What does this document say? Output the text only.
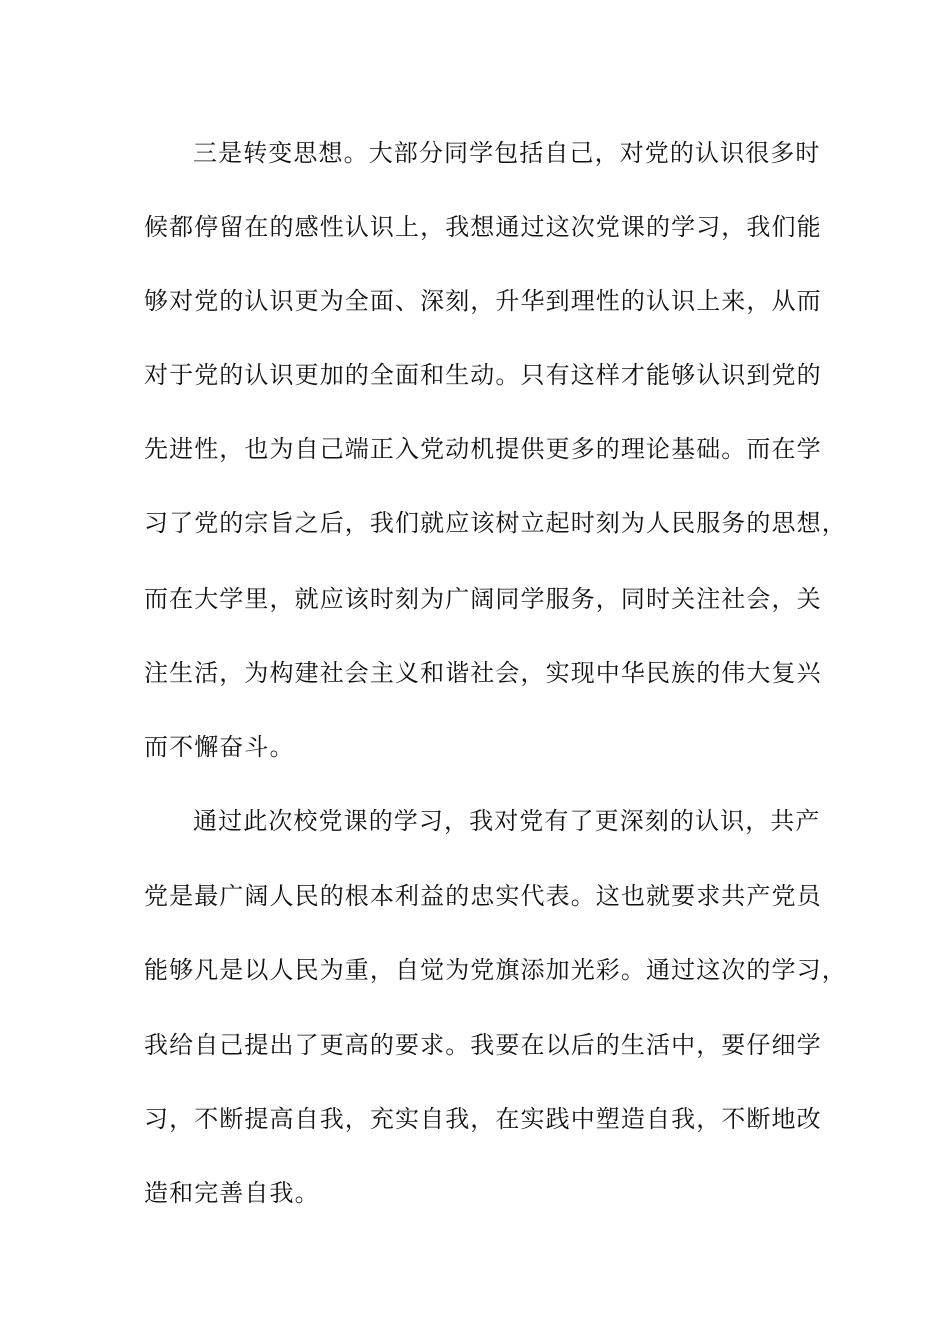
三是转变思想。大部分同学包括自己，对党的认识很多时
候都停留在的感性认识上，我想通过这次党课的学习，我们能
够对党的认识更为全面、深刻，升华到理性的认识上来，从而
对于党的认识更加的全面和生动。只有这样才能够认识到党的
先进性，也为自己端正入党动机提供更多的理论基础。而在学
习了党的宗旨之后，我们就应该树立起时刻为人民服务的思想，
而在大学里，就应该时刻为广阔同学服务，同时关注社会，关
注生活，为构建社会主义和谐社会，实现中华民族的伟大复兴
而不懈奋斗。
通过此次校党课的学习，我对党有了更深刻的认识，共产
党是最广阔人民的根本利益的忠实代表。这也就要求共产党员
能够凡是以人民为重，自觉为党旗添加光彩。通过这次的学习，
我给自己提出了更高的要求。我要在以后的生活中，要仔细学
习，不断提高自我，充实自我，在实践中塑造自我，不断地改
造和完善自我。
